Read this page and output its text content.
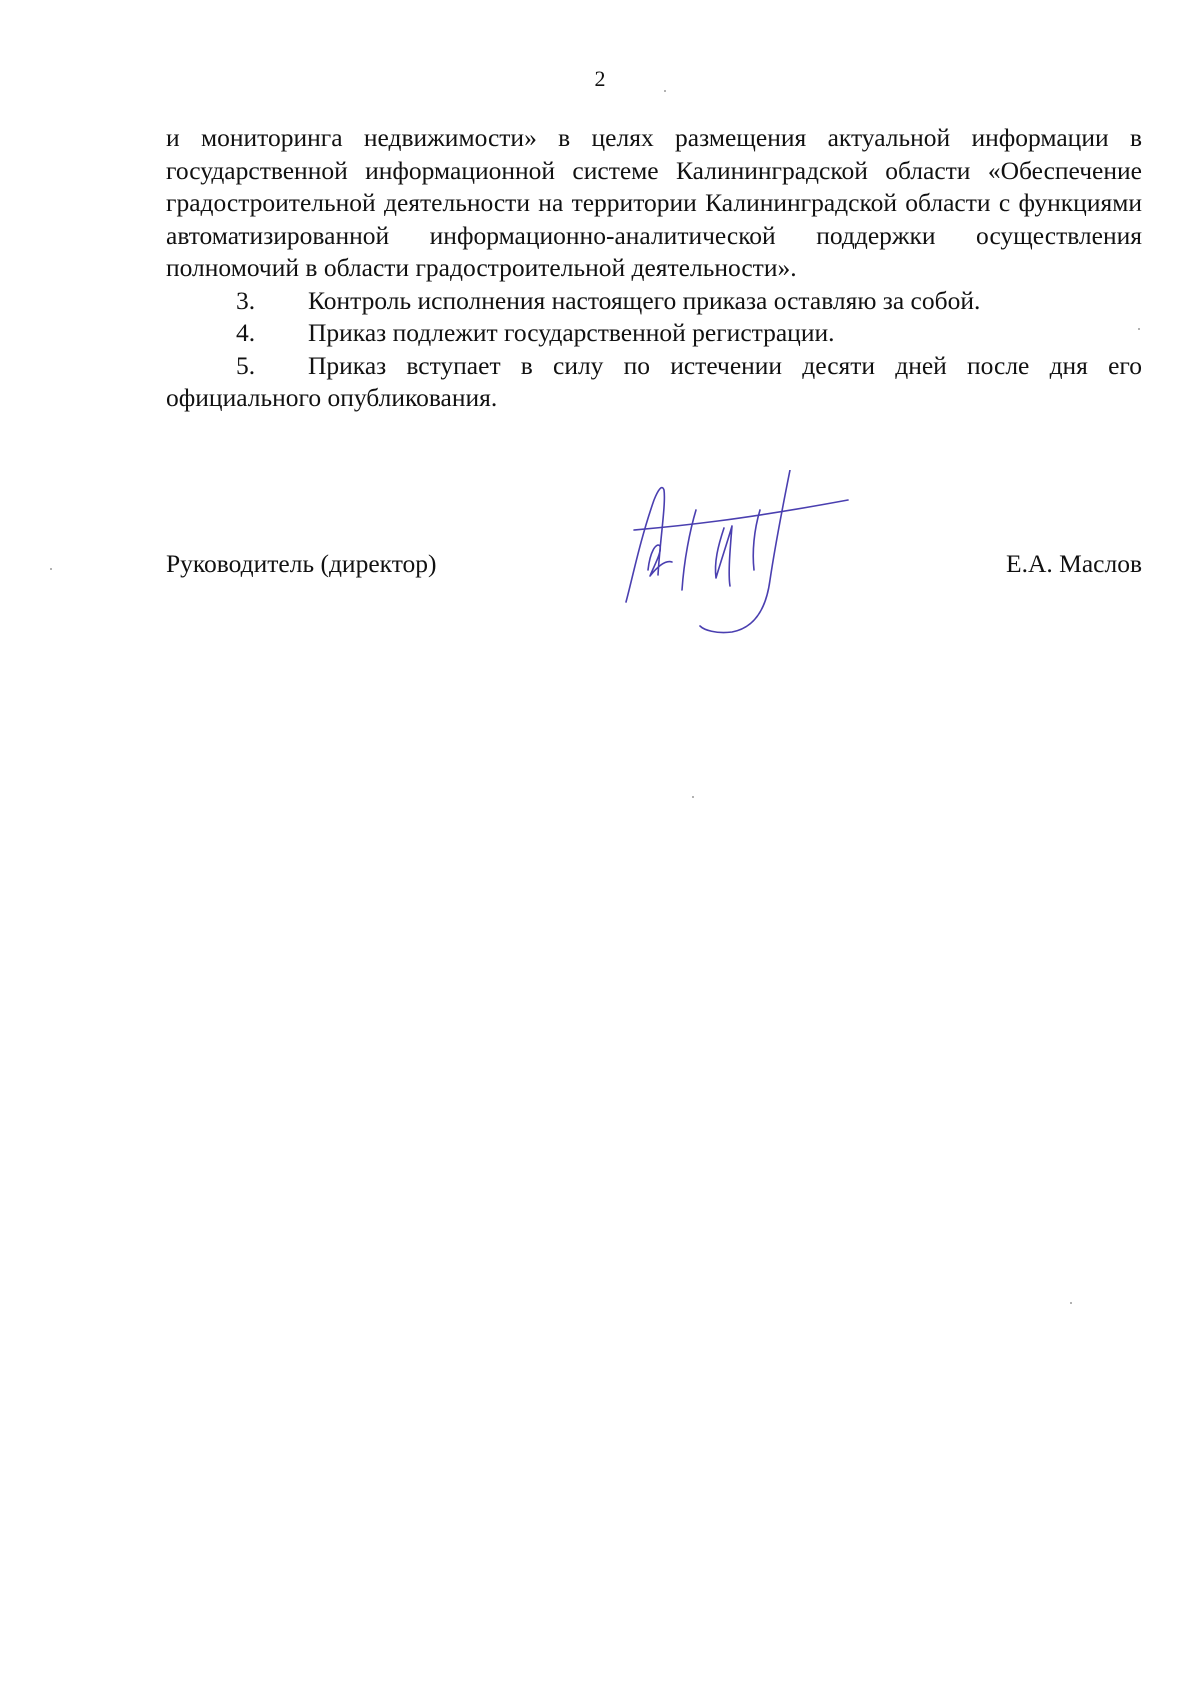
2

и мониторинга недвижимости» в целях размещения актуальной информации в государственной информационной системе Калининградской области «Обеспечение градостроительной деятельности на территории Калининградской области с функциями автоматизированной информационно-аналитической поддержки осуществления полномочий в области градостроительной деятельности».

3. Контроль исполнения настоящего приказа оставляю за собой.

4. Приказ подлежит государственной регистрации.

5. Приказ вступает в силу по истечении десяти дней после дня его официального опубликования.

Руководитель (директор)	Е.А. Маслов
